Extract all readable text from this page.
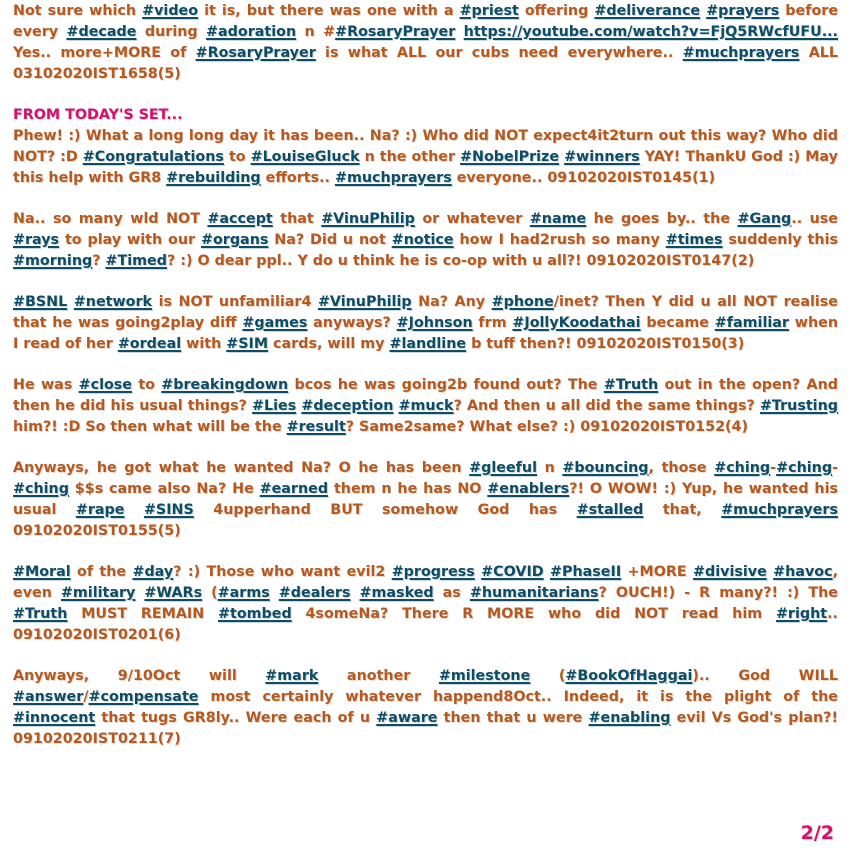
Not sure which #video it is, but there was one with a #priest offering #deliverance #prayers before every #decade during #adoration n ##RosaryPrayer https://youtube.com/watch?v=FjQ5RWcfUFU... Yes.. more+MORE of #RosaryPrayer is what ALL our cubs need everywhere.. #muchprayers ALL 03102020IST1658(5)
FROM TODAY'S SET...
Phew! :) What a long long day it has been.. Na? :) Who did NOT expect4it2turn out this way? Who did NOT? :D #Congratulations to #LouiseGluck n the other #NobelPrize #winners YAY! ThankU God :) May this help with GR8 #rebuilding efforts.. #muchprayers everyone.. 09102020IST0145(1)
Na.. so many wld NOT #accept that #VinuPhilip or whatever #name he goes by.. the #Gang.. use #rays to play with our #organs Na? Did u not #notice how I had2rush so many #times suddenly this #morning? #Timed? :) O dear ppl.. Y do u think he is co-op with u all?! 09102020IST0147(2)
#BSNL #network is NOT unfamiliar4 #VinuPhilip Na? Any #phone/inet? Then Y did u all NOT realise that he was going2play diff #games anyways? #Johnson frm #JollyKoodathai became #familiar when I read of her #ordeal with #SIM cards, will my #landline b tuff then?! 09102020IST0150(3)
He was #close to #breakingdown bcos he was going2b found out? The #Truth out in the open? And then he did his usual things? #Lies #deception #muck? And then u all did the same things? #Trusting him?! :D So then what will be the #result? Same2same? What else? :) 09102020IST0152(4)
Anyways, he got what he wanted Na? O he has been #gleeful n #bouncing, those #ching-#ching-#ching $$s came also Na? He #earned them n he has NO #enablers?! O WOW! :) Yup, he wanted his usual #rape #SINS 4upperhand BUT somehow God has #stalled that, #muchprayers 09102020IST0155(5)
#Moral of the #day? :) Those who want evil2 #progress #COVID #PhaseII +MORE #divisive #havoc, even #military #WARs (#arms #dealers #masked as #humanitarians? OUCH!) - R many?! :) The #Truth MUST REMAIN #tombed 4someNa? There R MORE who did NOT read him #right.. 09102020IST0201(6)
Anyways, 9/10Oct will #mark another #milestone (#BookOfHaggai).. God WILL #answer/#compensate most certainly whatever happend8Oct.. Indeed, it is the plight of the #innocent that tugs GR8ly.. Were each of u #aware then that u were #enabling evil Vs God's plan?! 09102020IST0211(7)
2/2
